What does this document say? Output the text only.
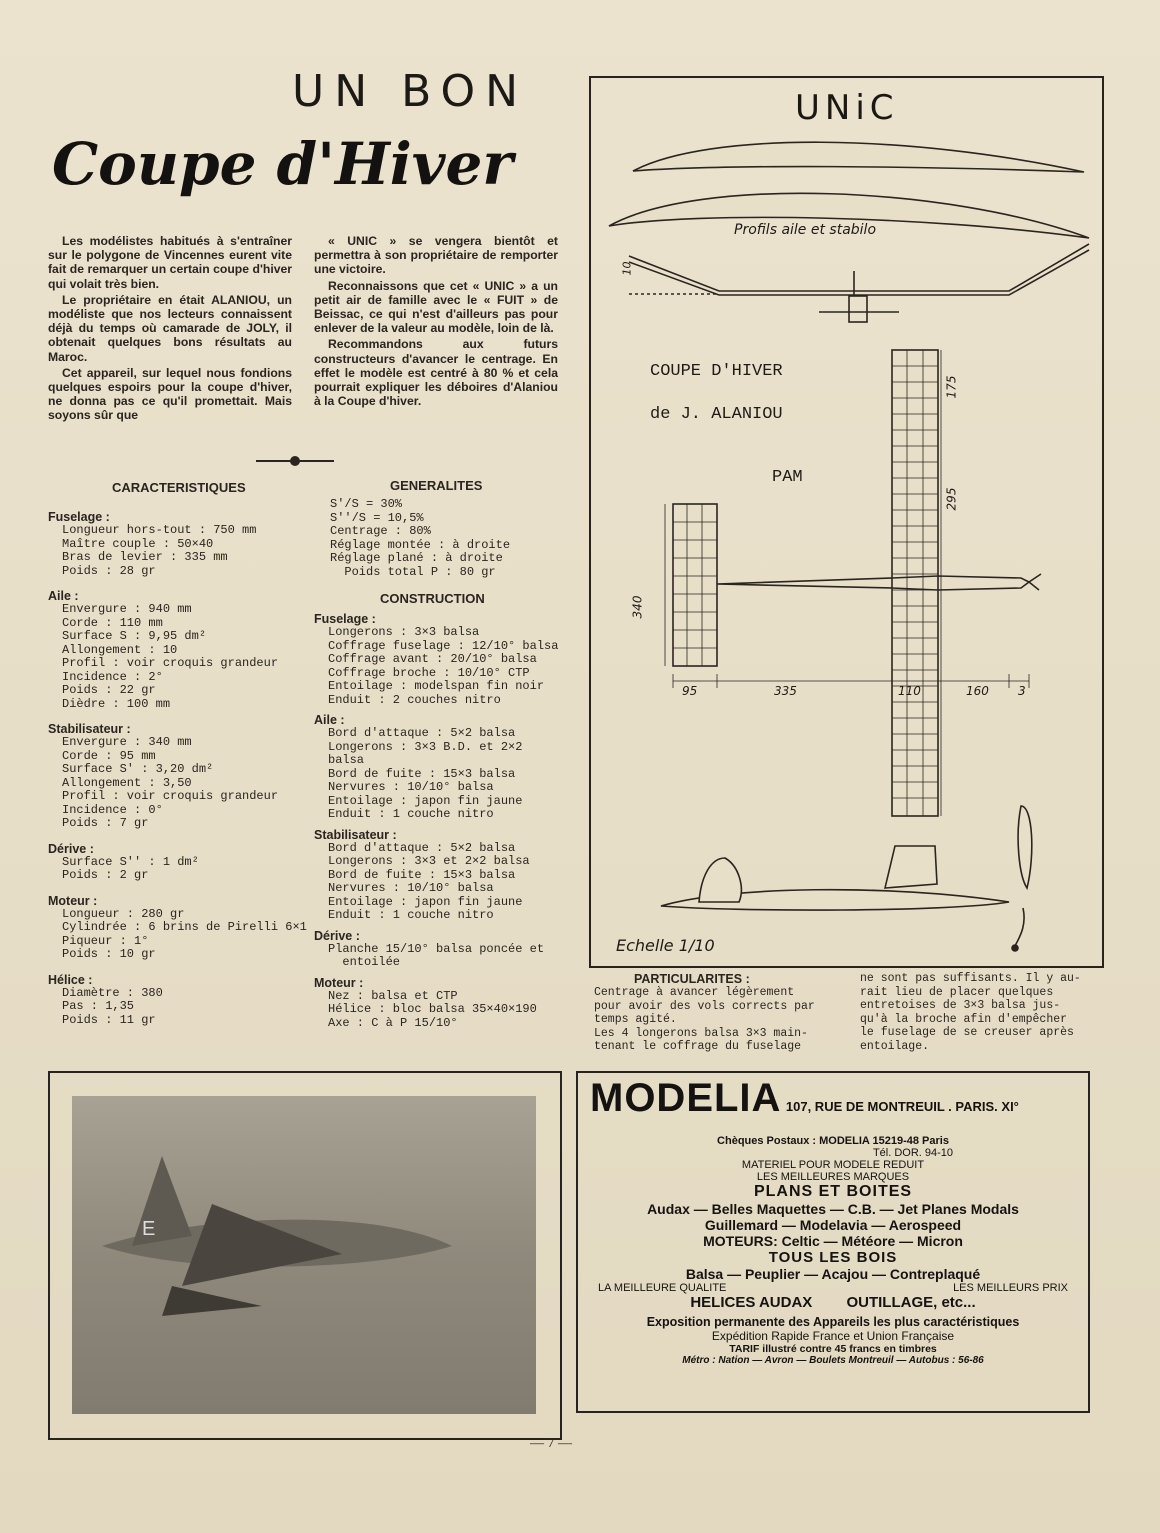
UN BON
Coupe d'Hiver

Les modélistes habitués à s'entraîner sur le polygone de Vincennes eurent vite fait de remarquer un certain coupe d'hiver qui volait très bien.

Le propriétaire en était ALANIOU, un modéliste que nos lecteurs connaissent déjà du temps où camarade de JOLY, il obtenait quelques bons résultats au Maroc.

Cet appareil, sur lequel nous fondions quelques espoirs pour la coupe d'hiver, ne donna pas ce qu'il promettait. Mais soyons sûr que

« UNIC » se vengera bientôt et permettra à son propriétaire de remporter une victoire.

Reconnaissons que cet « UNIC » a un petit air de famille avec le « FUIT » de Beissac, ce qui n'est d'ailleurs pas pour enlever de la valeur au modèle, loin de là.

Recommandons aux futurs constructeurs d'avancer le centrage. En effet le modèle est centré à 80 % et cela pourrait expliquer les déboires d'Alaniou à la Coupe d'hiver.

CARACTERISTIQUES
Fuselage :
Longueur hors-tout : 750 mm
Maître couple : 50×40
Bras de levier : 335 mm
Poids : 28 gr
Aile :
Envergure : 940 mm
Corde : 110 mm
Surface S : 9,95 dm²
Allongement : 10
Profil : voir croquis grandeur
Incidence : 2°
Poids : 22 gr
Dièdre : 100 mm
Stabilisateur :
Envergure : 340 mm
Corde : 95 mm
Surface S' : 3,20 dm²
Allongement : 3,50
Profil : voir croquis grandeur
Incidence : 0°
Poids : 7 gr
Dérive :
Surface S'' : 1 dm²
Poids : 2 gr
Moteur :
Longueur : 280 gr
Cylindrée : 6 brins de Pirelli 6×1
Piqueur : 1°
Poids : 10 gr
Hélice :
Diamètre : 380
Pas : 1,35
Poids : 11 gr
GENERALITES
S'/S = 30%
S''/S = 10,5%
Centrage : 80%
Réglage montée : à droite
Réglage plané : à droite
Poids total P : 80 gr
CONSTRUCTION
Fuselage :
Longerons : 3×3 balsa
Coffrage fuselage : 12/10° balsa
Coffrage avant : 20/10° balsa
Coffrage broche : 10/10° CTP
Entoilage : modelspan fin noir
Enduit : 2 couches nitro
Aile :
Bord d'attaque : 5×2 balsa
Longerons : 3×3 B.D. et 2×2
balsa
Bord de fuite : 15×3 balsa
Nervures : 10/10° balsa
Entoilage : japon fin jaune
Enduit : 1 couche nitro
Stabilisateur :
Bord d'attaque : 5×2 balsa
Longerons : 3×3 et 2×2 balsa
Bord de fuite : 15×3 balsa
Nervures : 10/10° balsa
Entoilage : japon fin jaune
Enduit : 1 couche nitro
Dérive :
Planche 15/10° balsa poncée et
entoilée
Moteur :
Nez : balsa et CTP
Hélice : bloc balsa 35×40×190
Axe : C à P 15/10°
UNiC
Profils aile et stabilo
COUPE D'HIVER
de J. ALANIOU
PAM
Echelle 1/10
10
175
295
340
95	335	110	160 3
PARTICULARITES :
Centrage à avancer légèrement
pour avoir des vols corrects par
temps agité.
Les 4 longerons balsa 3×3 main-
tenant le coffrage du fuselage
ne sont pas suffisants. Il y au-
rait lieu de placer quelques
entretoises de 3×3 balsa jus-
qu'à la broche afin d'empêcher
le fuselage de se creuser après
entoilage.
E
MODELIA 107, RUE DE MONTREUIL . PARIS. XI°
Chèques Postaux : MODELIA 15219-48 Paris
Tél. DOR. 94-10
MATERIEL POUR MODELE REDUIT
LES MEILLEURES MARQUES
PLANS ET BOITES
Audax — Belles Maquettes — C.B. — Jet Planes Modals
Guillemard — Modelavia — Aerospeed
MOTEURS: Celtic — Météore — Micron
TOUS LES BOIS
Balsa — Peuplier — Acajou — Contreplaqué
LA MEILLEURE QUALITE	LES MEILLEURS PRIX
HELICES AUDAX OUTILLAGE, etc...
Exposition permanente des Appareils les plus caractéristiques
Expédition Rapide France et Union Française
TARIF illustré contre 45 francs en timbres
Métro : Nation — Avron — Boulets Montreuil — Autobus : 56-86
— 7 —
